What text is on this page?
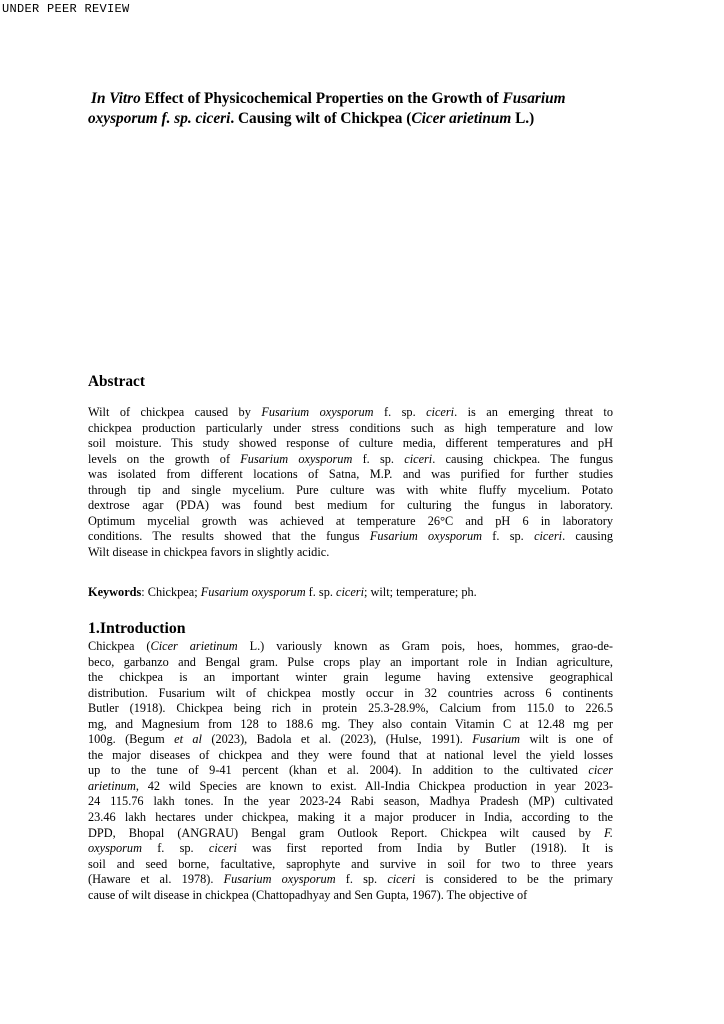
UNDER PEER REVIEW
In Vitro Effect of Physicochemical Properties on the Growth of Fusarium
oxysporum f. sp. ciceri. Causing wilt of Chickpea (Cicer arietinum L.)
Abstract
Wilt of chickpea caused by Fusarium oxysporum f. sp. ciceri. is an emerging threat to
chickpea production particularly under stress conditions such as high temperature and low
soil moisture. This study showed response of culture media, different temperatures and pH
levels on the growth of Fusarium oxysporum f. sp. ciceri. causing chickpea. The fungus
was isolated from different locations of Satna, M.P. and was purified for further studies
through tip and single mycelium. Pure culture was with white fluffy mycelium. Potato
dextrose agar (PDA) was found best medium for culturing the fungus in laboratory.
Optimum mycelial growth was achieved at temperature 26°C and pH 6 in laboratory
conditions. The results showed that the fungus Fusarium oxysporum f. sp. ciceri. causing
Wilt disease in chickpea favors in slightly acidic.
Keywords: Chickpea; Fusarium oxysporum f. sp. ciceri; wilt; temperature; ph.
1.Introduction
Chickpea (Cicer arietinum L.) variously known as Gram pois, hoes, hommes, grao-de-
beco, garbanzo and Bengal gram. Pulse crops play an important role in Indian agriculture,
the chickpea is an important winter grain legume having extensive geographical
distribution. Fusarium wilt of chickpea mostly occur in 32 countries across 6 continents
Butler (1918). Chickpea being rich in protein 25.3-28.9%, Calcium from 115.0 to 226.5
mg, and Magnesium from 128 to 188.6 mg. They also contain Vitamin C at 12.48 mg per
100g. (Begum et al (2023), Badola et al. (2023), (Hulse, 1991). Fusarium wilt is one of
the major diseases of chickpea and they were found that at national level the yield losses
up to the tune of 9-41 percent (khan et al. 2004). In addition to the cultivated cicer
arietinum, 42 wild Species are known to exist. All-India Chickpea production in year 2023-
24 115.76 lakh tones. In the year 2023-24 Rabi season, Madhya Pradesh (MP) cultivated
23.46 lakh hectares under chickpea, making it a major producer in India, according to the
DPD, Bhopal (ANGRAU) Bengal gram Outlook Report. Chickpea wilt caused by F.
oxysporum f. sp. ciceri was first reported from India by Butler (1918). It is
soil and seed borne, facultative, saprophyte and survive in soil for two to three years
(Haware et al. 1978). Fusarium oxysporum f. sp. ciceri is considered to be the primary
cause of wilt disease in chickpea (Chattopadhyay and Sen Gupta, 1967). The objective of
